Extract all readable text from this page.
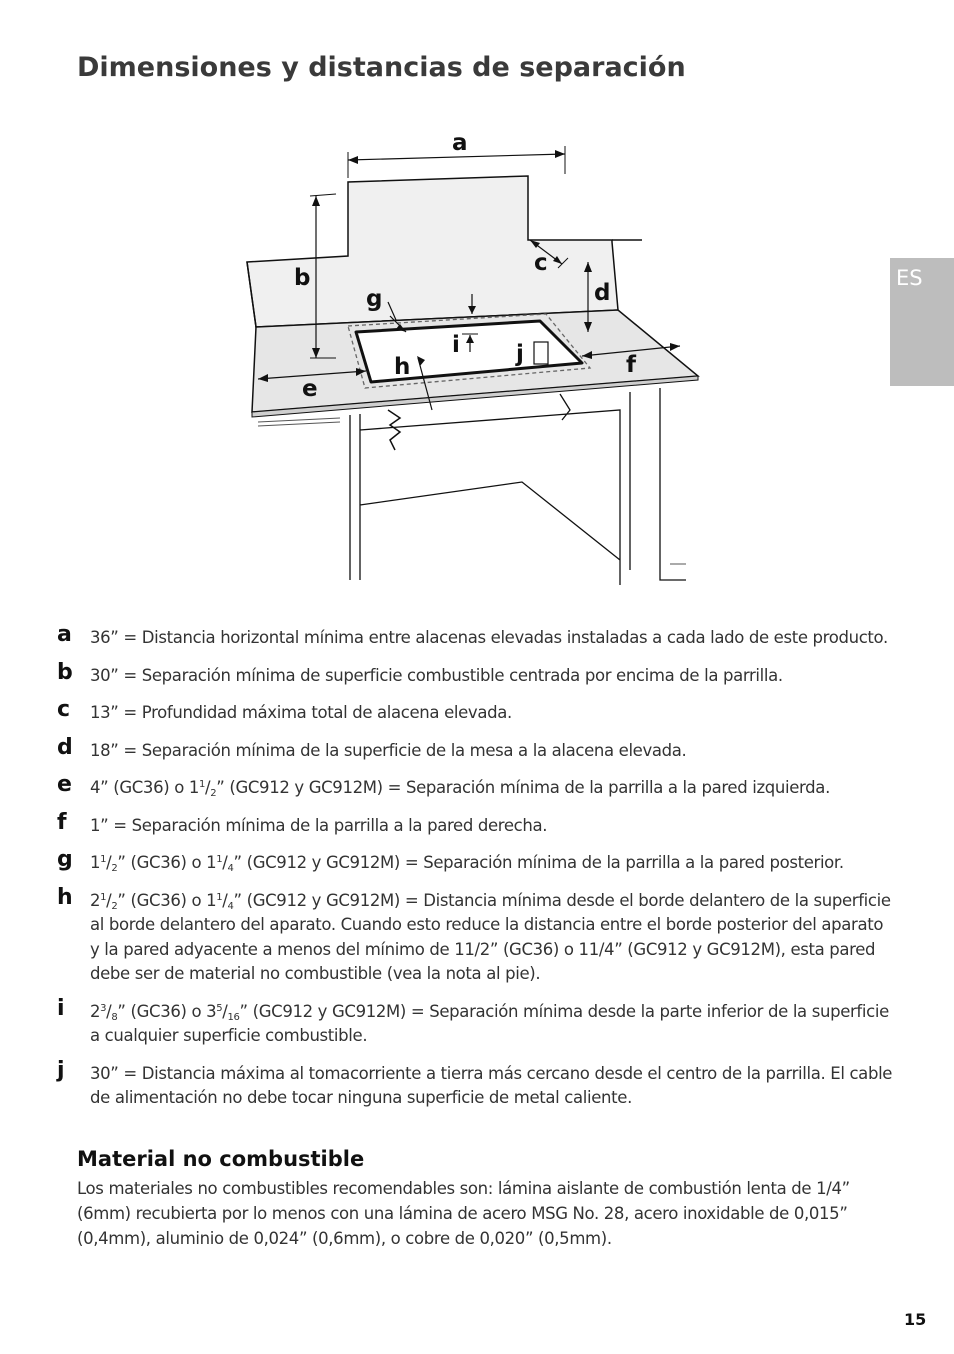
Dimensiones y distancias de separación
ES
a
b
c
d
e
f
g
h
i j
a 36” = Distancia horizontal mínima entre alacenas elevadas instaladas a cada lado de este producto.
b 30” = Separación mínima de superficie combustible centrada por encima de la parrilla.
c 13” = Profundidad máxima total de alacena elevada.
d 18” = Separación mínima de la superficie de la mesa a la alacena elevada.
e 4” (GC36) o $1^1/_2$” (GC912 y GC912M) = Separación mínima de la parrilla a la pared izquierda.
f 1” = Separación mínima de la parrilla a la pared derecha.
g $1^1/_2$” (GC36) o $1^1/_4$” (GC912 y GC912M) = Separación mínima de la parrilla a la pared posterior.
h $2^1/_2$” (GC36) o $1^1/_4$” (GC912 y GC912M) = Distancia mínima desde el borde delantero de la superficie al borde delantero del aparato. Cuando esto reduce la distancia entre el borde posterior del aparato y la pared adyacente a menos del mínimo de 11/2” (GC36) o 11/4” (GC912 y GC912M), esta pared debe ser de material no combustible (vea la nota al pie).
i $2^3/_8$” (GC36) o $3^5/_{16}$” (GC912 y GC912M) = Separación mínima desde la parte inferior de la superficie a cualquier superficie combustible.
j 30” = Distancia máxima al tomacorriente a tierra más cercano desde el centro de la parrilla. El cable de alimentación no debe tocar ninguna superficie de metal caliente.
Material no combustible
Los materiales no combustibles recomendables son: lámina aislante de combustión lenta de 1/4” (6mm) recubierta por lo menos con una lámina de acero MSG No. 28, acero inoxidable de 0,015” (0,4mm), aluminio de 0,024” (0,6mm), o cobre de 0,020” (0,5mm).
15
